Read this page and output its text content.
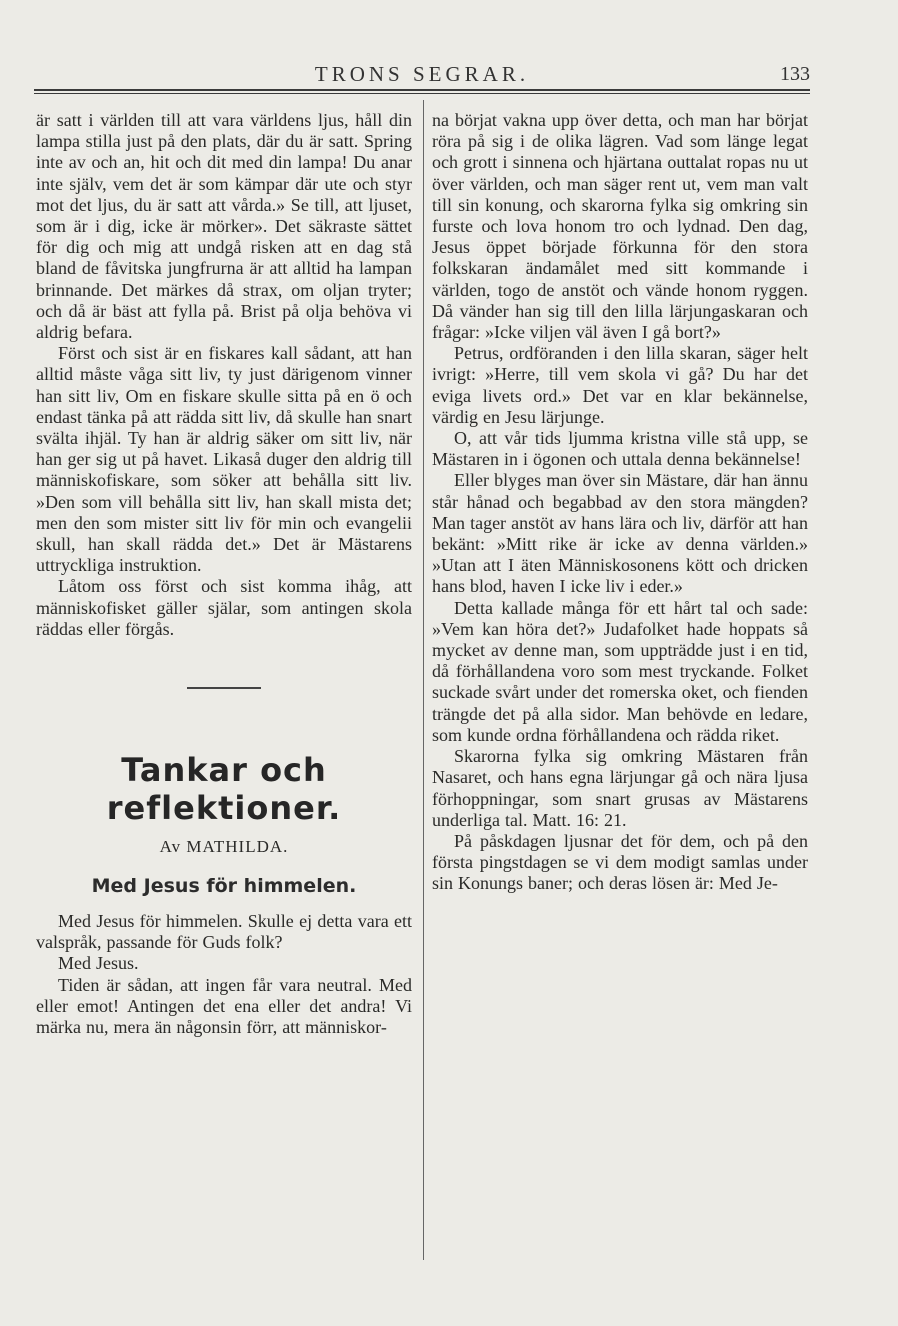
TRONS SEGRAR.	133

är satt i världen till att vara världens ljus, håll din lampa stilla just på den plats, där du är satt. Spring inte av och an, hit och dit med din lampa! Du anar inte själv, vem det är som kämpar där ute och styr mot det ljus, du är satt att vårda.» Se till, att ljuset, som är i dig, icke är mörker». Det säkraste sättet för dig och mig att undgå risken att en dag stå bland de fåvitska jungfrurna är att alltid ha lampan brinnande. Det märkes då strax, om oljan tryter; och då är bäst att fylla på. Brist på olja behöva vi aldrig befara.

Först och sist är en fiskares kall sådant, att han alltid måste våga sitt liv, ty just därigenom vinner han sitt liv, Om en fiskare skulle sitta på en ö och endast tänka på att rädda sitt liv, då skulle han snart svälta ihjäl. Ty han är aldrig säker om sitt liv, när han ger sig ut på havet. Likaså duger den aldrig till människofiskare, som söker att behålla sitt liv. »Den som vill behålla sitt liv, han skall mista det; men den som mister sitt liv för min och evangelii skull, han skall rädda det.» Det är Mästarens uttryckliga instruktion.

Låtom oss först och sist komma ihåg, att människofisket gäller själar, som antingen skola räddas eller förgås.

Tankar och reflektioner.
Av MATHILDA.
Med Jesus för himmelen.

Med Jesus för himmelen. Skulle ej detta vara ett valspråk, passande för Guds folk?

Med Jesus.

Tiden är sådan, att ingen får vara neutral. Med eller emot! Antingen det ena eller det andra! Vi märka nu, mera än någonsin förr, att människor-

na börjat vakna upp över detta, och man har börjat röra på sig i de olika lägren. Vad som länge legat och grott i sinnena och hjärtana outtalat ropas nu ut över världen, och man säger rent ut, vem man valt till sin konung, och skarorna fylka sig omkring sin furste och lova honom tro och lydnad. Den dag, Jesus öppet började förkunna för den stora folkskaran ändamålet med sitt kommande i världen, togo de anstöt och vände honom ryggen. Då vänder han sig till den lilla lärjungaskaran och frågar: »Icke viljen väl även I gå bort?»

Petrus, ordföranden i den lilla skaran, säger helt ivrigt: »Herre, till vem skola vi gå? Du har det eviga livets ord.» Det var en klar bekännelse, värdig en Jesu lärjunge.

O, att vår tids ljumma kristna ville stå upp, se Mästaren in i ögonen och uttala denna bekännelse!

Eller blyges man över sin Mästare, där han ännu står hånad och begabbad av den stora mängden? Man tager anstöt av hans lära och liv, därför att han bekänt: »Mitt rike är icke av denna världen.» »Utan att I äten Människosonens kött och dricken hans blod, haven I icke liv i eder.»

Detta kallade många för ett hårt tal och sade: »Vem kan höra det?» Judafolket hade hoppats så mycket av denne man, som uppträdde just i en tid, då förhållandena voro som mest tryckande. Folket suckade svårt under det romerska oket, och fienden trängde det på alla sidor. Man behövde en ledare, som kunde ordna förhållandena och rädda riket.

Skarorna fylka sig omkring Mästaren från Nasaret, och hans egna lärjungar gå och nära ljusa förhoppningar, som snart grusas av Mästarens underliga tal. Matt. 16: 21.

På påskdagen ljusnar det för dem, och på den första pingstdagen se vi dem modigt samlas under sin Konungs baner; och deras lösen är: Med Je-
